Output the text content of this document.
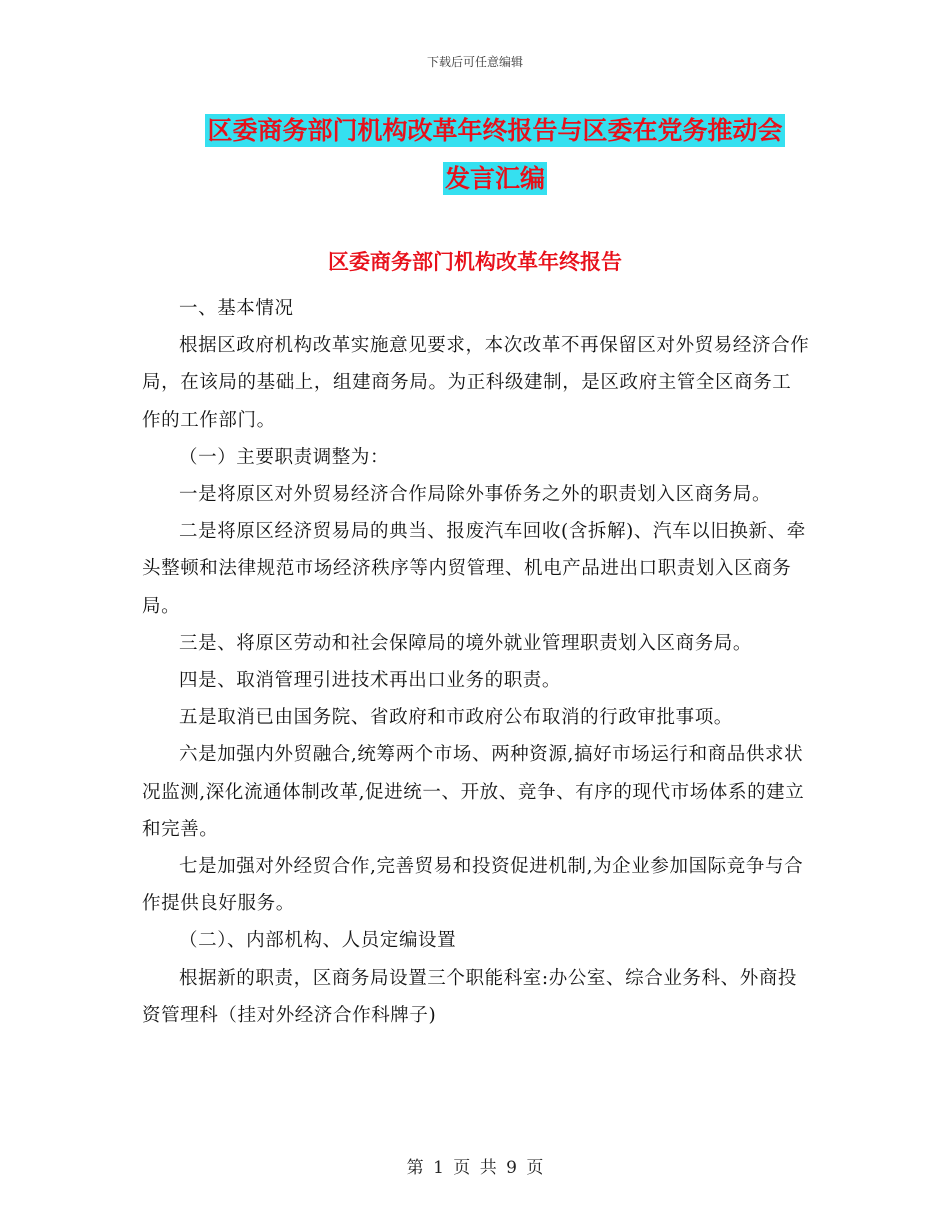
下载后可任意编辑
区委商务部门机构改革年终报告与区委在党务推动会
发言汇编
区委商务部门机构改革年终报告

一、基本情况

根据区政府机构改革实施意见要求，本次改革不再保留区对外贸易经济合作局，在该局的基础上，组建商务局。为正科级建制，是区政府主管全区商务工作的工作部门。

（一）主要职责调整为：

一是将原区对外贸易经济合作局除外事侨务之外的职责划入区商务局。

二是将原区经济贸易局的典当、报废汽车回收(含拆解)、汽车以旧换新、牵头整顿和法律规范市场经济秩序等内贸管理、机电产品进出口职责划入区商务局。

三是、将原区劳动和社会保障局的境外就业管理职责划入区商务局。

四是、取消管理引进技术再出口业务的职责。

五是取消已由国务院、省政府和市政府公布取消的行政审批事项。

六是加强内外贸融合,统筹两个市场、两种资源,搞好市场运行和商品供求状况监测,深化流通体制改革,促进统一、开放、竞争、有序的现代市场体系的建立和完善。

七是加强对外经贸合作,完善贸易和投资促进机制,为企业参加国际竞争与合作提供良好服务。

（二）、内部机构、人员定编设置

根据新的职责，区商务局设置三个职能科室:办公室、综合业务科、外商投资管理科（挂对外经济合作科牌子)

第 1 页 共 9 页
